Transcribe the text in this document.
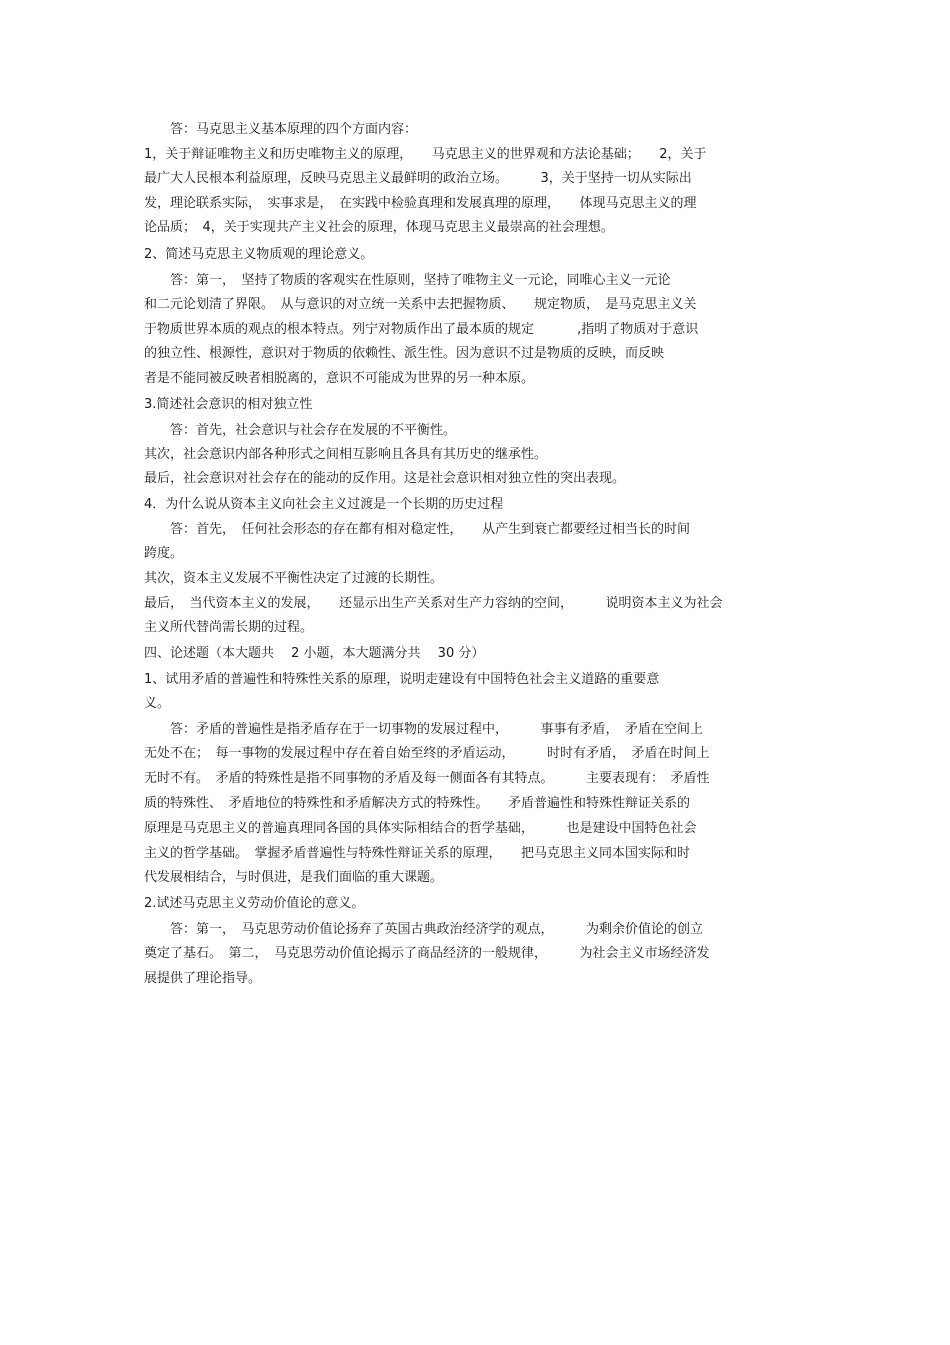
　　答：马克思主义基本原理的四个方面内容：
1，关于辩证唯物主义和历史唯物主义的原理，　　马克思主义的世界观和方法论基础；　　2，关于
最广大人民根本利益原理，反映马克思主义最鲜明的政治立场。　　　3，关于坚持一切从实际出
发，理论联系实际，　实事求是，　在实践中检验真理和发展真理的原理，　　体现马克思主义的理
论品质；　4，关于实现共产主义社会的原理，体现马克思主义最崇高的社会理想。
2、简述马克思主义物质观的理论意义。
　　答：第一，　坚持了物质的客观实在性原则，坚持了唯物主义一元论，同唯心主义一元论
和二元论划清了界限。　从与意识的对立统一关系中去把握物质、　　规定物质，　是马克思主义关
于物质世界本质的观点的根本特点。列宁对物质作出了最本质的规定　　　 ,指明了物质对于意识
的独立性、根源性，意识对于物质的依赖性、派生性。因为意识不过是物质的反映，而反映
者是不能同被反映者相脱离的，意识不可能成为世界的另一种本原。
3.简述社会意识的相对独立性
　　答：首先，社会意识与社会存在发展的不平衡性。
其次，社会意识内部各种形式之间相互影响且各具有其历史的继承性。
最后，社会意识对社会存在的能动的反作用。这是社会意识相对独立性的突出表现。
4．为什么说从资本主义向社会主义过渡是一个长期的历史过程
　　答：首先，　任何社会形态的存在都有相对稳定性，　　从产生到衰亡都要经过相当长的时间
跨度。
其次，资本主义发展不平衡性决定了过渡的长期性。
最后，　当代资本主义的发展，　　还显示出生产关系对生产力容纳的空间，　　　说明资本主义为社会
主义所代替尚需长期的过程。
四、论述题（本大题共　 2 小题，本大题满分共　 30 分）
1、试用矛盾的普遍性和特殊性关系的原理，说明走建设有中国特色社会主义道路的重要意
义。
　　答：矛盾的普遍性是指矛盾存在于一切事物的发展过程中，　　　事事有矛盾，　矛盾在空间上
无处不在；　每一事物的发展过程中存在着自始至终的矛盾运动，　　　时时有矛盾，　矛盾在时间上
无时不有。　矛盾的特殊性是指不同事物的矛盾及每一侧面各有其特点。　　　主要表现有：　矛盾性
质的特殊性、　矛盾地位的特殊性和矛盾解决方式的特殊性。　　矛盾普遍性和特殊性辩证关系的
原理是马克思主义的普遍真理同各国的具体实际相结合的哲学基础，　　　也是建设中国特色社会
主义的哲学基础。　掌握矛盾普遍性与特殊性辩证关系的原理，　　把马克思主义同本国实际和时
代发展相结合，与时俱进，是我们面临的重大课题。
2.试述马克思主义劳动价值论的意义。
　　答：第一，　马克思劳动价值论扬弃了英国古典政治经济学的观点，　　　为剩余价值论的创立
奠定了基石。　第二，　马克思劳动价值论揭示了商品经济的一般规律，　　　为社会主义市场经济发
展提供了理论指导。
